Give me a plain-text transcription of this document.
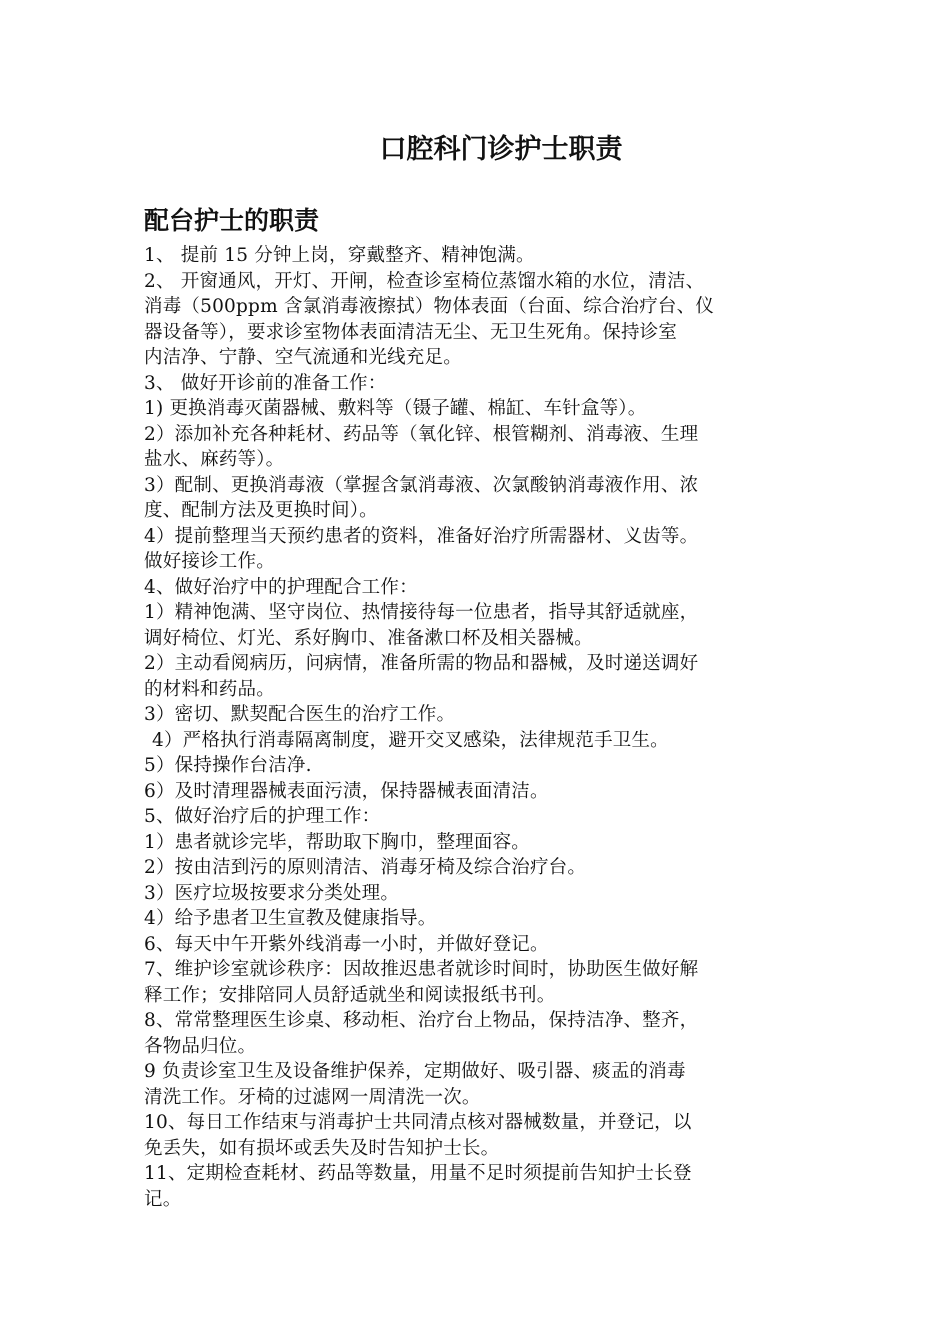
口腔科门诊护士职责
配台护士的职责

1、 提前 15 分钟上岗，穿戴整齐、精神饱满。

2、 开窗通风，开灯、开闸，检查诊室椅位蒸馏水箱的水位，清洁、

消毒（500ppm 含氯消毒液擦拭）物体表面（台面、综合治疗台、仪

器设备等），要求诊室物体表面清洁无尘、无卫生死角。保持诊室

内洁净、宁静、空气流通和光线充足。

3、 做好开诊前的准备工作：

1) 更换消毒灭菌器械、敷料等（镊子罐、棉缸、车针盒等）。

2）添加补充各种耗材、药品等（氧化锌、根管糊剂、消毒液、生理

盐水、麻药等）。

3）配制、更换消毒液（掌握含氯消毒液、次氯酸钠消毒液作用、浓

度、配制方法及更换时间）。

4）提前整理当天预约患者的资料，准备好治疗所需器材、义齿等。

做好接诊工作。

4、做好治疗中的护理配合工作：

1）精神饱满、坚守岗位、热情接待每一位患者，指导其舒适就座，

调好椅位、灯光、系好胸巾、准备漱口杯及相关器械。

2）主动看阅病历，问病情，准备所需的物品和器械，及时递送调好

的材料和药品。

3）密切、默契配合医生的治疗工作。

4）严格执行消毒隔离制度，避开交叉感染，法律规范手卫生。

5）保持操作台洁净.

6）及时清理器械表面污渍，保持器械表面清洁。

5、做好治疗后的护理工作：

1）患者就诊完毕，帮助取下胸巾，整理面容。

2）按由洁到污的原则清洁、消毒牙椅及综合治疗台。

3）医疗垃圾按要求分类处理。

4）给予患者卫生宣教及健康指导。

6、每天中午开紫外线消毒一小时，并做好登记。

7、维护诊室就诊秩序：因故推迟患者就诊时间时，协助医生做好解

释工作；安排陪同人员舒适就坐和阅读报纸书刊。

8、常常整理医生诊桌、移动柜、治疗台上物品，保持洁净、整齐，

各物品归位。

9 负责诊室卫生及设备维护保养，定期做好、吸引器、痰盂的消毒

清洗工作。牙椅的过滤网一周清洗一次。

10、每日工作结束与消毒护士共同清点核对器械数量，并登记，以

免丢失，如有损坏或丢失及时告知护士长。

11、定期检查耗材、药品等数量，用量不足时须提前告知护士长登

记。
